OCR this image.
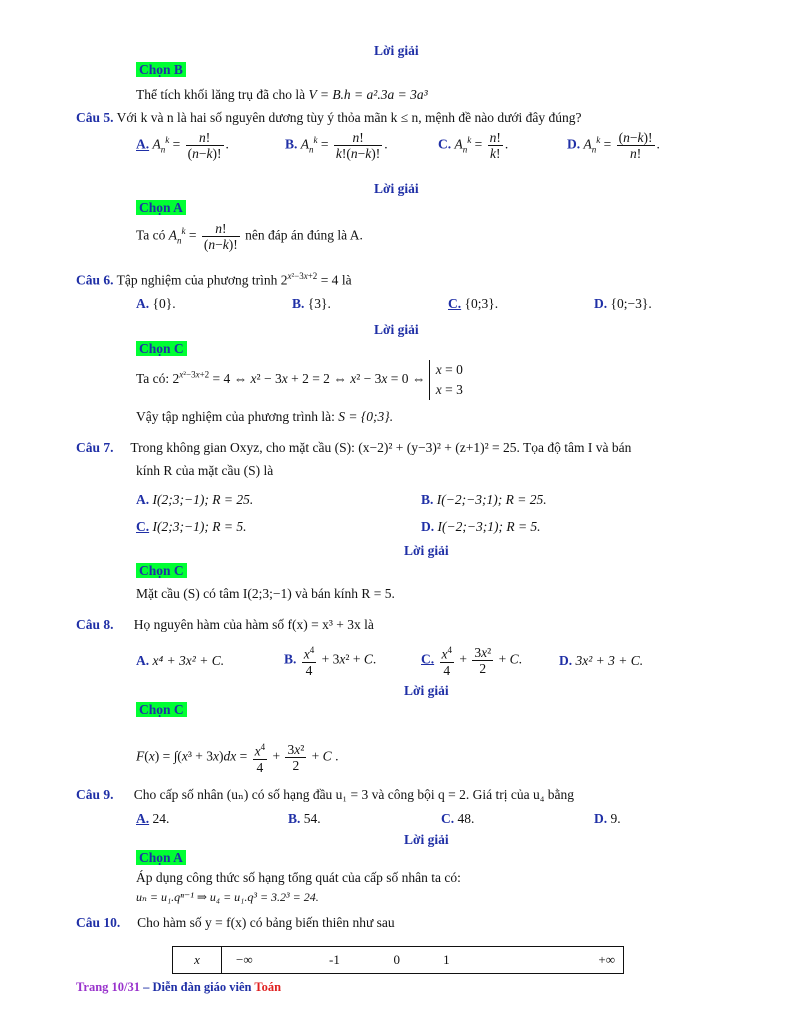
Lời giải
Chọn B
Thể tích khối lăng trụ đã cho là V = B.h = a².3a = 3a³
Câu 5. Với k và n là hai số nguyên dương tùy ý thỏa mãn k ≤ n, mệnh đề nào dưới đây đúng?
A. $A_n^k = \frac{n!}{(n-k)!}$ .	B. $A_n^k = \frac{n!}{k!(n-k)!}$ .	C. $A_n^k = \frac{n!}{k!}$ .	D. $A_n^k = \frac{(n-k)!}{n!}$ .
Lời giải
Chọn A
Ta có $A_n^k = \frac{n!}{(n-k)!}$ nên đáp án đúng là A.
Câu 6. Tập nghiệm của phương trình $2^{x^2-3x+2} = 4$ là
A. {0}.	B. {3}.	C. {0;3}.	D. {0;−3}.
Lời giải
Chọn C
Ta có: $2^{x^2-3x+2} = 4$ ⇔ x² − 3x + 2 = 2 ⇔ x² − 3x = 0 ⇔ x = 0
x = 3
Vậy tập nghiệm của phương trình là: S = {0;3}.
Câu 7. Trong không gian Oxyz, cho mặt cầu (S): (x−2)² + (y−3)² + (z+1)² = 25. Tọa độ tâm I và bán
kính R của mặt cầu (S) là
A. I(2;3;−1); R = 25.	B. I(−2;−3;1); R = 25.
C. I(2;3;−1); R = 5.	D. I(−2;−3;1); R = 5.
Lời giải
Chọn C
Mặt cầu (S) có tâm I(2;3;−1) và bán kính R = 5.
Câu 8. Họ nguyên hàm của hàm số f(x) = x³ + 3x là
A. x⁴ + 3x² + C.	B. $\frac{x^4}{4} + 3x^2 + C$.	C. $\frac{x^4}{4} + \frac{\text{3x²}}{2} + C$.	D. 3x² + 3 + C.
Lời giải
Chọn C
$F(x) = \int(x^3 + 3x)dx = \frac{x^4}{4} + \frac{\text{3x²}}{2} + C$ .
Câu 9. Cho cấp số nhân (uₙ) có số hạng đầu u₁ = 3 và công bội q = 2. Giá trị của u₄ bằng
A. 24.	B. 54.	C. 48.	D. 9.
Lời giải
Chọn A
Áp dụng công thức số hạng tổng quát của cấp số nhân ta có:
uₙ = u₁.qⁿ⁻¹ ⇒ u₄ = u₁.q³ = 3.2³ = 24.
Câu 10. Cho hàm số y = f(x) có bảng biến thiên như sau
x	−∞	-1	0	1	+∞
Trang 10/31 – Diễn đàn giáo viên Toán
